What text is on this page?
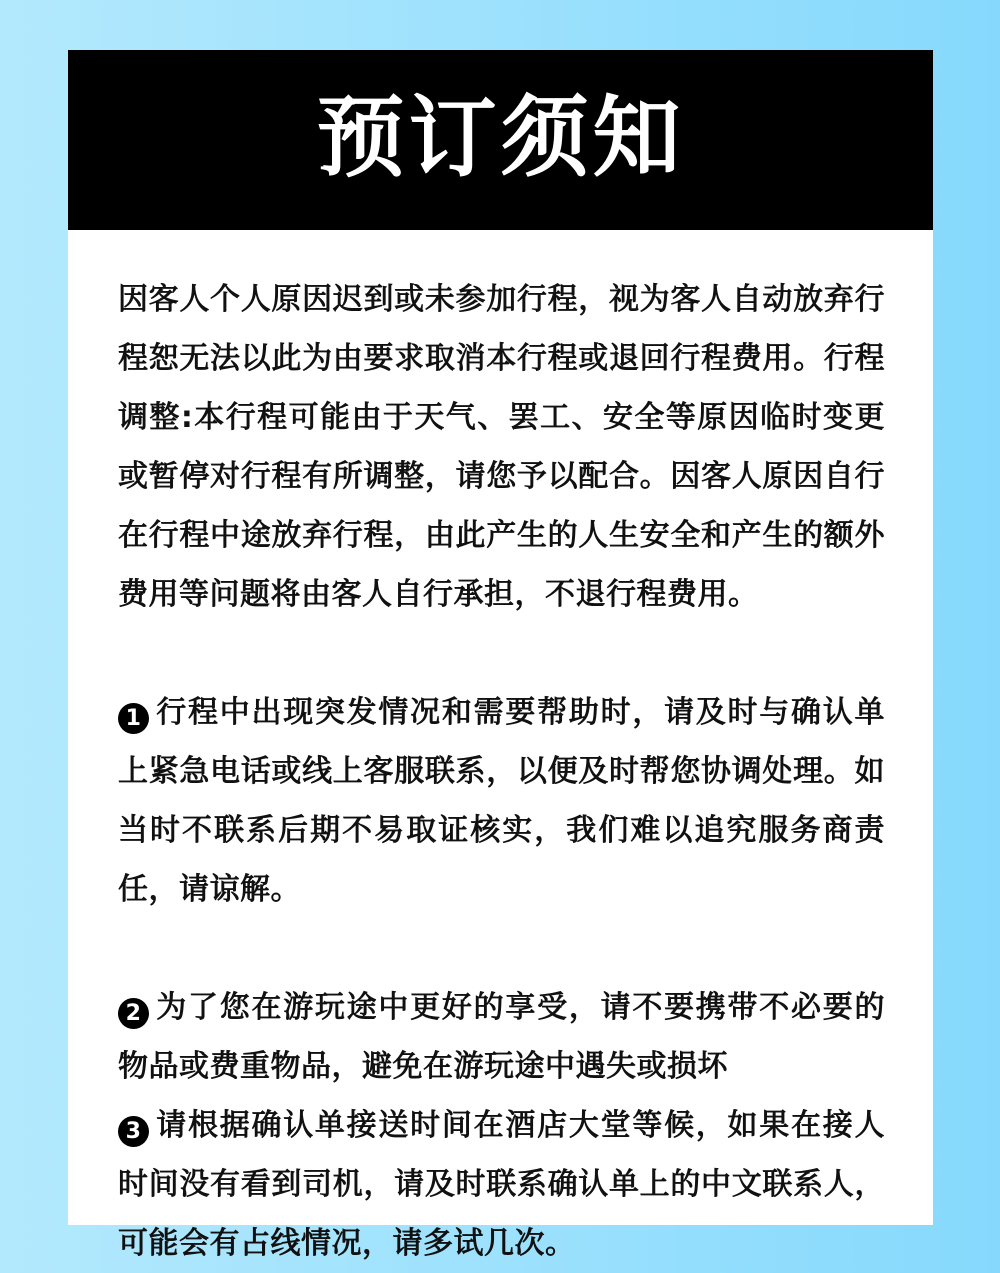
预订须知

因客人个人原因迟到或未参加行程，视为客人自动放弃行程恕无法以此为由要求取消本行程或退回行程费用。行程调整:本行程可能由于天气、罢工、安全等原因临时变更或暂停对行程有所调整，请您予以配合。因客人原因自行在行程中途放弃行程，由此产生的人生安全和产生的额外费用等问题将由客人自行承担，不退行程费用。

1 行程中出现突发情况和需要帮助时，请及时与确认单上紧急电话或线上客服联系，以便及时帮您协调处理。如当时不联系后期不易取证核实，我们难以追究服务商责任，请谅解。

2 为了您在游玩途中更好的享受，请不要携带不必要的物品或费重物品，避免在游玩途中遇失或损坏

3 请根据确认单接送时间在酒店大堂等候，如果在接人时间没有看到司机，请及时联系确认单上的中文联系人，可能会有占线情况，请多试几次。
